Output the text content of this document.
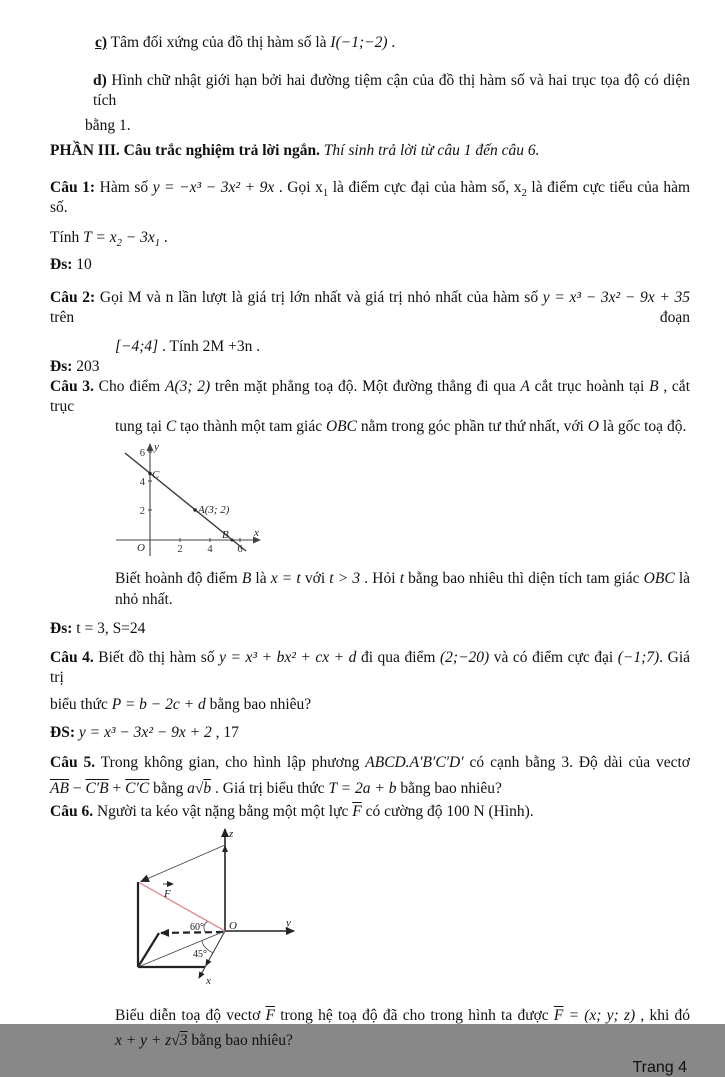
c) Tâm đối xứng của đồ thị hàm số là I(−1;−2) .
d) Hình chữ nhật giới hạn bởi hai đường tiệm cận của đồ thị hàm số và hai trục tọa độ có diện tích
bằng 1.
PHẦN III. Câu trắc nghiệm trả lời ngắn. Thí sinh trả lời từ câu 1 đến câu 6.
Câu 1: Hàm số y = −x³ − 3x² + 9x . Gọi $x_1$ là điểm cực đại của hàm số, $x_2$ là điểm cực tiểu của hàm số.
Tính $T = x_2 - 3x_1$ .
Đs: 10
Câu 2: Gọi M và n lần lượt là giá trị lớn nhất và giá trị nhỏ nhất của hàm số y = x³ − 3x² − 9x + 35 trên đoạn
[−4;4] . Tính 2M +3n .
Đs: 203
Câu 3. Cho điểm A(3; 2) trên mặt phẳng toạ độ. Một đường thẳng đi qua A cắt trục hoành tại B , cắt trục
tung tại C tạo thành một tam giác OBC nằm trong góc phần tư thứ nhất, với O là gốc toạ độ.
y
x
O
C
A(3; 2)
B
2 4 6
6
4
2
Biết hoành độ điểm B là x = t với t > 3 . Hỏi t bằng bao nhiêu thì diện tích tam giác OBC là
nhỏ nhất.
Đs: t = 3, S=24
Câu 4. Biết đồ thị hàm số y = x³ + bx² + cx + d đi qua điểm (2;−20) và có điểm cực đại (−1;7). Giá trị
biểu thức P = b − 2c + d bằng bao nhiêu?
ĐS: y = x³ − 3x² − 9x + 2 , 17
Câu 5. Trong không gian, cho hình lập phương ABCD.A′B′C′D′ có cạnh bằng 3. Độ dài của vectơ
$\overline{AB} - C'B + C'C$ bằng a√b . Giá trị biểu thức T = 2a + b bằng bao nhiêu?
Câu 6. Người ta kéo vật nặng bằng một một lực $\overline{F}$ có cường độ 100 N (Hình).
F
z
y
x
O
60°
45°
Biểu diễn toạ độ vectơ $\overline{F}$ trong hệ toạ độ đã cho trong hình ta được $\overline{F} = (x$; y; z) , khi đó
x + y + z√3 bằng bao nhiêu?
Trang 4
